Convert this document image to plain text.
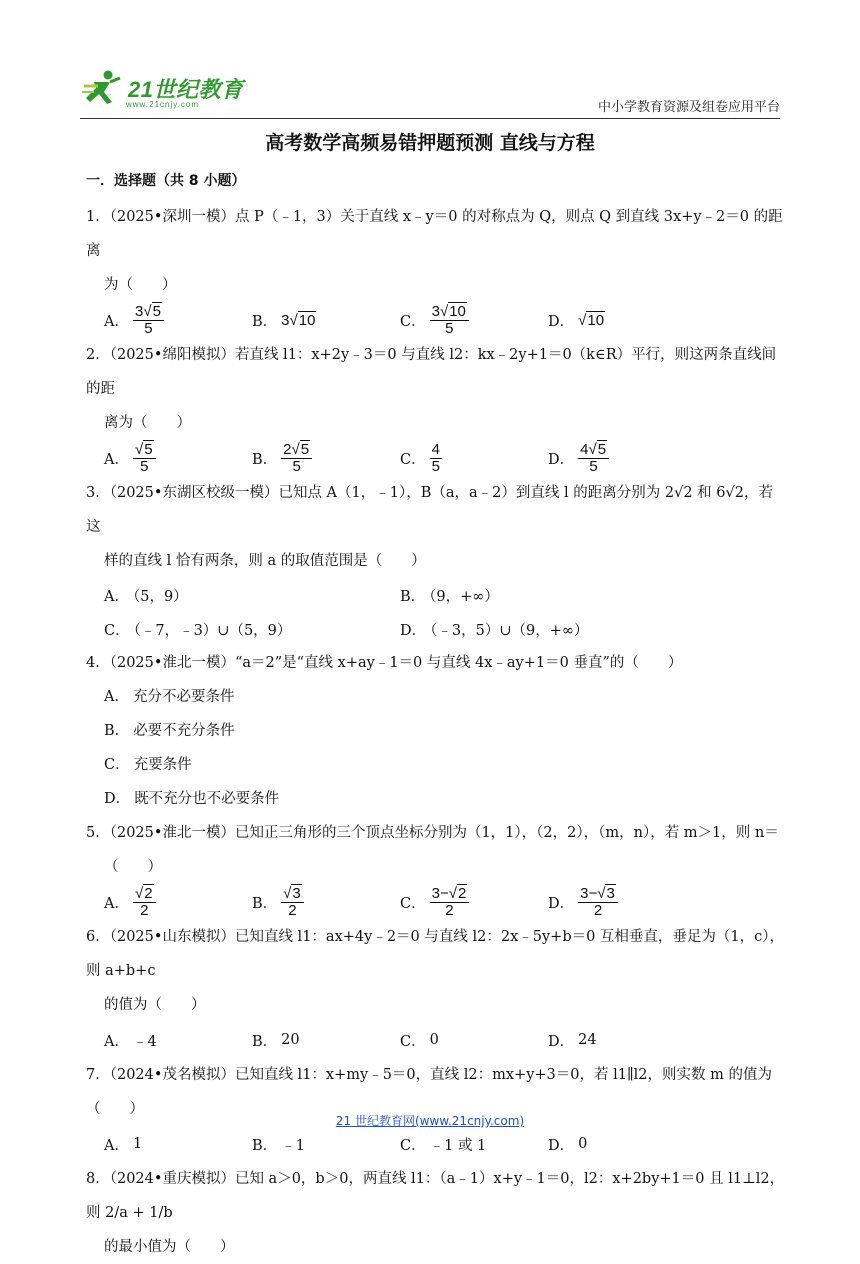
21世纪教育
www.21cnjy.com	中小学教育资源及组卷应用平台
高考数学高频易错押题预测 直线与方程
一．选择题（共 8 小题）

1．（2025•深圳一模）点 P（﹣1，3）关于直线 x﹣y＝0 的对称点为 Q，则点 Q 到直线 3x+y﹣2＝0 的距离

为（　　）

A． $\frac{3√5}{5}$	B． 3√10	C． $\frac{3√10}{5}$	D． √10

2．（2025•绵阳模拟）若直线 l1：x+2y﹣3＝0 与直线 l2：kx﹣2y+1＝0（k∈R）平行，则这两条直线间的距

离为（　　）

A． $\frac{√5}{5}$	B． $\frac{2√5}{5}$	C． $\frac{4}{5}$	D． $\frac{4√5}{5}$

3．（2025•东湖区校级一模）已知点 A（1，﹣1），B（a，a﹣2）到直线 l 的距离分别为 2√2 和 6√2，若这

样的直线 l 恰有两条，则 a 的取值范围是（　　）

A． （5，9）	B． （9，+∞）
C． （﹣7，﹣3）∪（5，9）	D． （﹣3，5）∪（9，+∞）

4．（2025•淮北一模）“a＝2”是“直线 x+ay﹣1＝0 与直线 4x﹣ay+1＝0 垂直”的（　　）

A． 充分不必要条件
B． 必要不充分条件
C． 充要条件
D． 既不充分也不必要条件

5．（2025•淮北一模）已知正三角形的三个顶点坐标分别为（1，1），（2，2），（m，n），若 m＞1，则 n＝

（　　）

A． $\frac{√2}{2}$	B． $\frac{√3}{2}$	C． $\frac{3-√2}{2}$	D． $\frac{3-√3}{2}$

6．（2025•山东模拟）已知直线 l1：ax+4y﹣2＝0 与直线 l2：2x﹣5y+b＝0 互相垂直，垂足为（1，c），则 a+b+c

的值为（　　）

A． ﹣4	B． 20	C． 0	D． 24

7．（2024•茂名模拟）已知直线 l1：x+my﹣5＝0，直线 l2：mx+y+3＝0，若 l1∥l2，则实数 m 的值为（　　）

A． 1	B． ﹣1	C． ﹣1 或 1	D． 0

8．（2024•重庆模拟）已知 a＞0，b＞0，两直线 l1：（a﹣1）x+y﹣1＝0，l2：x+2by+1＝0 且 l1⊥l2，则 2/a + 1/b

的最小值为（　　）

21 世纪教育网(www.21cnjy.com)
